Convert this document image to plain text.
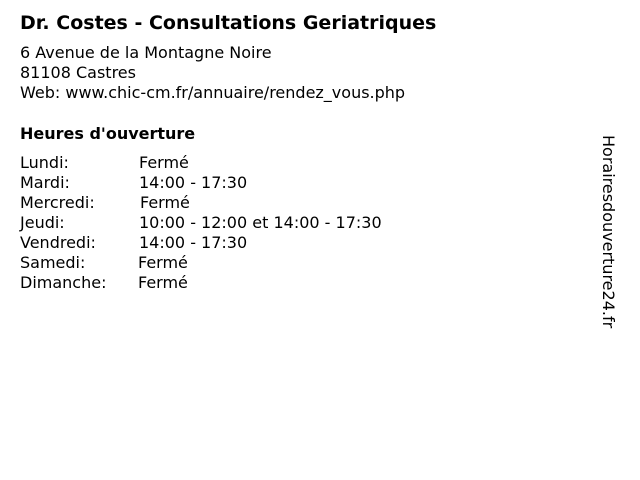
Dr. Costes - Consultations Geriatriques
6 Avenue de la Montagne Noire
81108 Castres
Web: www.chic-cm.fr/annuaire/rendez_vous.php
Heures d'ouverture
Lundi:	Fermé
Mardi:	14:00 - 17:30
Mercredi:	Fermé
Jeudi:	10:00 - 12:00 et 14:00 - 17:30
Vendredi:	14:00 - 17:30
Samedi:	Fermé
Dimanche: Fermé	Horairesdouverture24.fr
